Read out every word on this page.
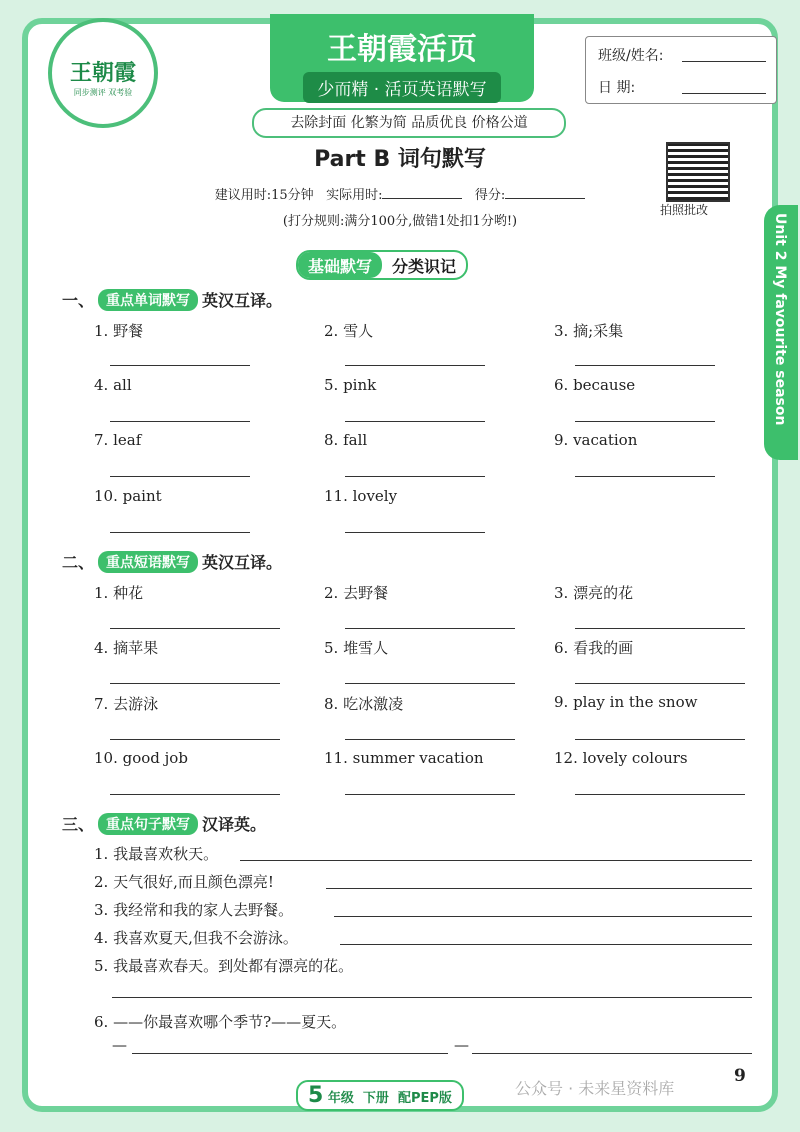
王朝霞
同步测评 双考验
王朝霞活页
少而精 · 活页英语默写
去除封面 化繁为简 品质优良 价格公道
班级/姓名:
日 期:
Part B 词句默写
建议用时:15分钟 实际用时:	得分:
(打分规则:满分100分,做错1处扣1分哟!)
拍照批改
Unit 2 My favourite season
基础默写	分类识记
一、 重点单词默写 英汉互译。
1. 野餐	2. 雪人	3. 摘;采集
4. all	5. pink	6. because
7. leaf	8. fall	9. vacation
10. paint	11. lovely
二、 重点短语默写 英汉互译。
1. 种花	2. 去野餐	3. 漂亮的花
4. 摘苹果	5. 堆雪人	6. 看我的画
7. 去游泳	8. 吃冰激凌	9. play in the snow
10. good job	11. summer vacation	12. lovely colours
三、 重点句子默写 汉译英。
1. 我最喜欢秋天。
2. 天气很好,而且颜色漂亮!
3. 我经常和我的家人去野餐。
4. 我喜欢夏天,但我不会游泳。
5. 我最喜欢春天。到处都有漂亮的花。
6. ——你最喜欢哪个季节?——夏天。
—	—
5 年级 下册 配PEP版
公众号 · 未来星资料库
9
